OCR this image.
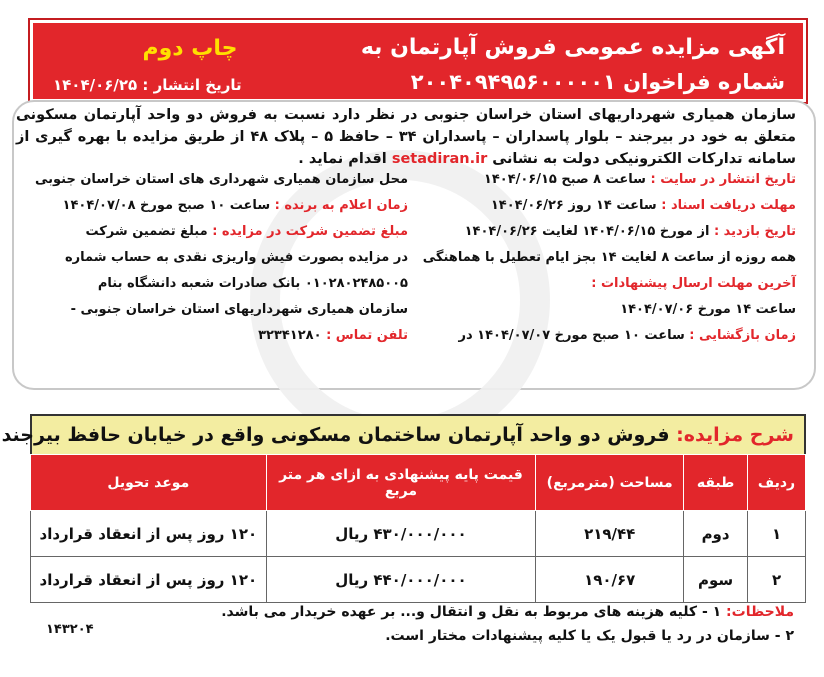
آگهی مزایده عمومی فروش آپارتمان به
شماره فراخوان ۲۰۰۴۰۹۴۹۵۶۰۰۰۰۰۱
چاپ دوم
تاریخ انتشار : ۱۴۰۴/۰۶/۲۵
سازمان همیاری شهرداریهای استان خراسان جنوبی در نظر دارد نسبت به فروش دو واحد آپارتمان مسکونی متعلق به خود در بیرجند – بلوار پاسداران – پاسداران ۳۴ – حافظ ۵ – پلاک ۴۸ از طریق مزایده با بهره گیری از سامانه تدارکات الکترونیکی دولت به نشانی setadiran.ir اقدام نماید .
تاریخ انتشار در سایت : ساعت ۸ صبح ۱۴۰۴/۰۶/۱۵
مهلت دریافت اسناد : ساعت ۱۴ روز ۱۴۰۴/۰۶/۲۶
تاریخ بازدید : از مورخ ۱۴۰۴/۰۶/۱۵ لغایت ۱۴۰۴/۰۶/۲۶
همه روزه از ساعت ۸ لغایت ۱۴ بجز ایام تعطیل با هماهنگی
آخرین مهلت ارسال پیشنهادات :
ساعت ۱۴ مورخ ۱۴۰۴/۰۷/۰۶
زمان بازگشایی : ساعت ۱۰ صبح مورخ ۱۴۰۴/۰۷/۰۷ در
محل سازمان همیاری شهرداری های استان خراسان جنوبی
زمان اعلام به برنده : ساعت ۱۰ صبح مورخ ۱۴۰۴/۰۷/۰۸
مبلغ تضمین شرکت در مزایده : مبلغ تضمین شرکت
در مزایده بصورت فیش واریزی نقدی به حساب شماره
۰۱۰۲۸۰۲۴۸۵۰۰۵ بانک صادرات شعبه دانشگاه بنام
سازمان همیاری شهرداریهای استان خراسان جنوبی -
تلفن تماس : ۳۲۳۴۱۲۸۰
شرح مزایده: فروش دو واحد آپارتمان ساختمان مسکونی واقع در خیابان حافظ بیرجند
ردیف	طبقه	مساحت (مترمربع)	قیمت پایه پیشنهادی به ازای هر متر مربع	موعد تحویل
۱	دوم	۲۱۹/۴۴	۴۳۰/۰۰۰/۰۰۰ ریال	۱۲۰ روز پس از انعقاد قرارداد
۲	سوم	۱۹۰/۶۷	۴۴۰/۰۰۰/۰۰۰ ریال	۱۲۰ روز پس از انعقاد قرارداد
ملاحظات: ۱ - کلیه هزینه های مربوط به نقل و انتقال و... بر عهده خریدار می باشد.
۲ - سازمان در رد یا قبول یک یا کلیه پیشنهادات مختار است.
۱۴۳۲۰۴
